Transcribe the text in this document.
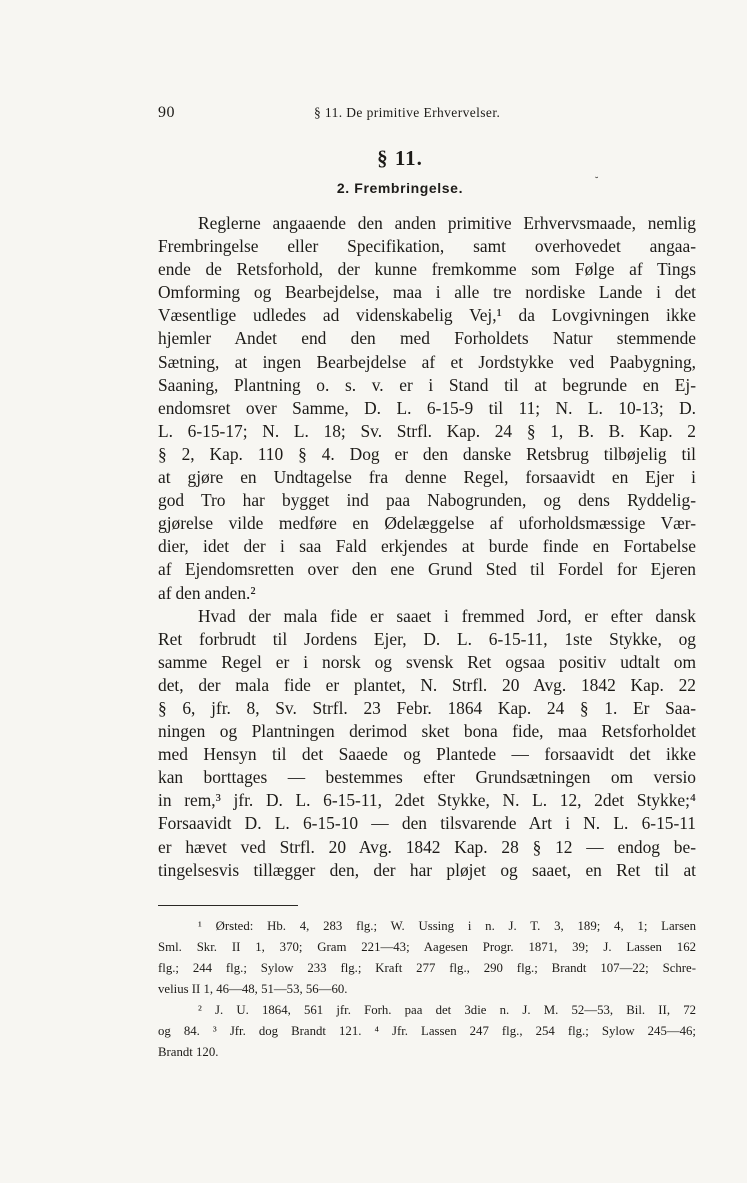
90	§ 11. De primitive Erhvervelser.
§ 11.
2. Frembringelse.	˘
Reglerne angaaende den anden primitive Erhvervsmaade, nemlig
Frembringelse eller Specifikation, samt overhovedet angaa-
ende de Retsforhold, der kunne fremkomme som Følge af Tings
Omforming og Bearbejdelse, maa i alle tre nordiske Lande i det
Væsentlige udledes ad videnskabelig Vej,¹ da Lovgivningen ikke
hjemler Andet end den med Forholdets Natur stemmende
Sætning, at ingen Bearbejdelse af et Jordstykke ved Paabygning,
Saaning, Plantning o. s. v. er i Stand til at begrunde en Ej-
endomsret over Samme, D. L. 6-15-9 til 11; N. L. 10-13; D.
L. 6-15-17; N. L. 18; Sv. Strfl. Kap. 24 § 1, B. B. Kap. 2
§ 2, Kap. 110 § 4. Dog er den danske Retsbrug tilbøjelig til
at gjøre en Undtagelse fra denne Regel, forsaavidt en Ejer i
god Tro har bygget ind paa Nabogrunden, og dens Ryddelig-
gjørelse vilde medføre en Ødelæggelse af uforholdsmæssige Vær-
dier, idet der i saa Fald erkjendes at burde finde en Fortabelse
af Ejendomsretten over den ene Grund Sted til Fordel for Ejeren
af den anden.²
Hvad der mala fide er saaet i fremmed Jord, er efter dansk
Ret forbrudt til Jordens Ejer, D. L. 6-15-11, 1ste Stykke, og
samme Regel er i norsk og svensk Ret ogsaa positiv udtalt om
det, der mala fide er plantet, N. Strfl. 20 Avg. 1842 Kap. 22
§ 6, jfr. 8, Sv. Strfl. 23 Febr. 1864 Kap. 24 § 1. Er Saa-
ningen og Plantningen derimod sket bona fide, maa Retsforholdet
med Hensyn til det Saaede og Plantede — forsaavidt det ikke
kan borttages — bestemmes efter Grundsætningen om versio
in rem,³ jfr. D. L. 6-15-11, 2det Stykke, N. L. 12, 2det Stykke;⁴
Forsaavidt D. L. 6-15-10 — den tilsvarende Art i N. L. 6-15-11
er hævet ved Strfl. 20 Avg. 1842 Kap. 28 § 12 — endog be-
tingelsesvis tillægger den, der har pløjet og saaet, en Ret til at
¹ Ørsted: Hb. 4, 283 flg.; W. Ussing i n. J. T. 3, 189; 4, 1; Larsen
Sml. Skr. II 1, 370; Gram 221—43; Aagesen Progr. 1871, 39; J. Lassen 162
flg.; 244 flg.; Sylow 233 flg.; Kraft 277 flg., 290 flg.; Brandt 107—22; Schre-
velius II 1, 46—48, 51—53, 56—60.
² J. U. 1864, 561 jfr. Forh. paa det 3die n. J. M. 52—53, Bil. II, 72
og 84. ³ Jfr. dog Brandt 121. ⁴ Jfr. Lassen 247 flg., 254 flg.; Sylow 245—46;
Brandt 120.
